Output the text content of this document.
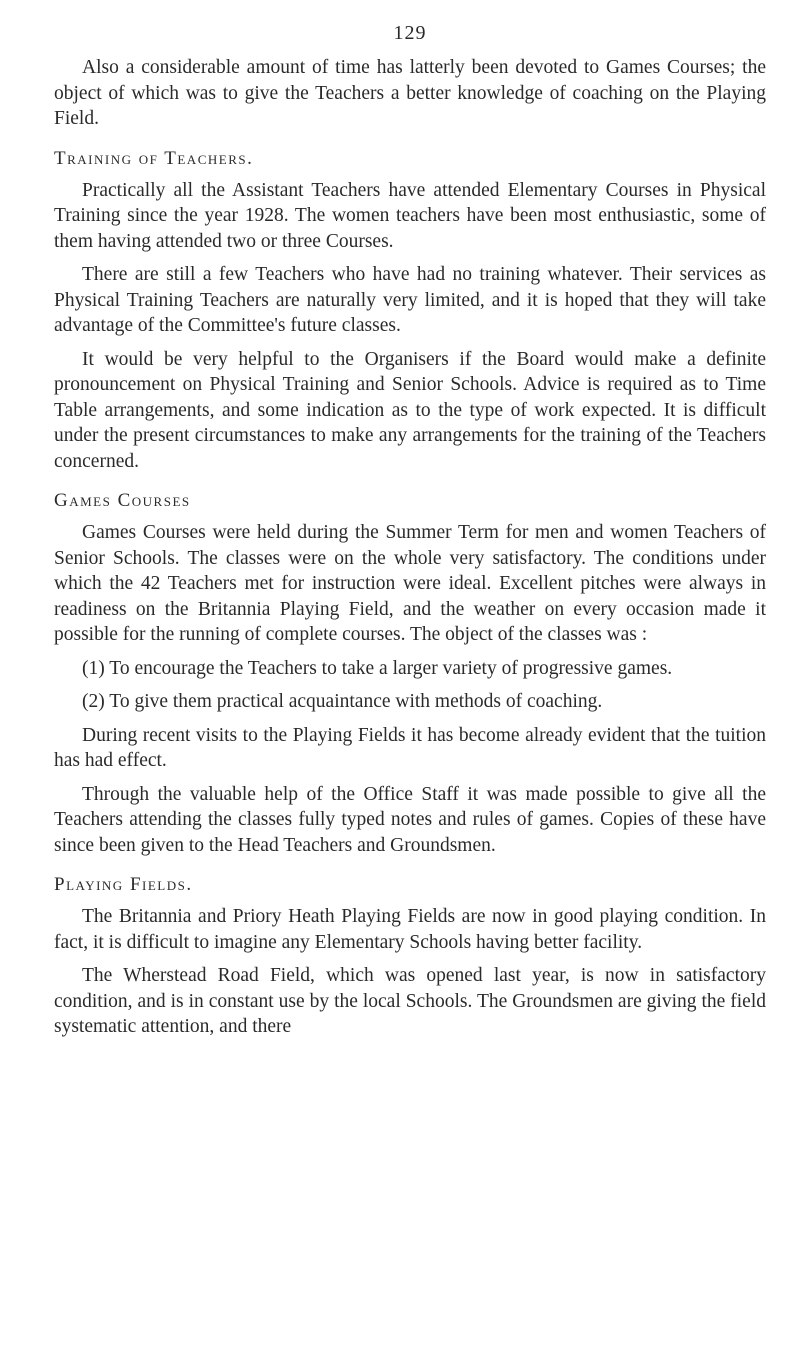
129

Also a considerable amount of time has latterly been devoted to Games Courses; the object of which was to give the Teachers a better knowledge of coaching on the Playing Field.

Training of Teachers.

Practically all the Assistant Teachers have attended Elementary Courses in Physical Training since the year 1928. The women teachers have been most enthusiastic, some of them having attended two or three Courses.

There are still a few Teachers who have had no training whatever. Their services as Physical Training Teachers are naturally very limited, and it is hoped that they will take advantage of the Committee's future classes.

It would be very helpful to the Organisers if the Board would make a definite pronouncement on Physical Training and Senior Schools. Advice is required as to Time Table arrangements, and some indication as to the type of work expected. It is difficult under the present circumstances to make any arrangements for the training of the Teachers concerned.

Games Courses

Games Courses were held during the Summer Term for men and women Teachers of Senior Schools. The classes were on the whole very satisfactory. The conditions under which the 42 Teachers met for instruction were ideal. Excellent pitches were always in readiness on the Britannia Playing Field, and the weather on every occasion made it possible for the running of complete courses. The object of the classes was :

(1) To encourage the Teachers to take a larger variety of progressive games.
(2) To give them practical acquaintance with methods of coaching.

During recent visits to the Playing Fields it has become already evident that the tuition has had effect.

Through the valuable help of the Office Staff it was made possible to give all the Teachers attending the classes fully typed notes and rules of games. Copies of these have since been given to the Head Teachers and Groundsmen.

Playing Fields.

The Britannia and Priory Heath Playing Fields are now in good playing condition. In fact, it is difficult to imagine any Elementary Schools having better facility.

The Wherstead Road Field, which was opened last year, is now in satisfactory condition, and is in constant use by the local Schools. The Groundsmen are giving the field systematic attention, and there
